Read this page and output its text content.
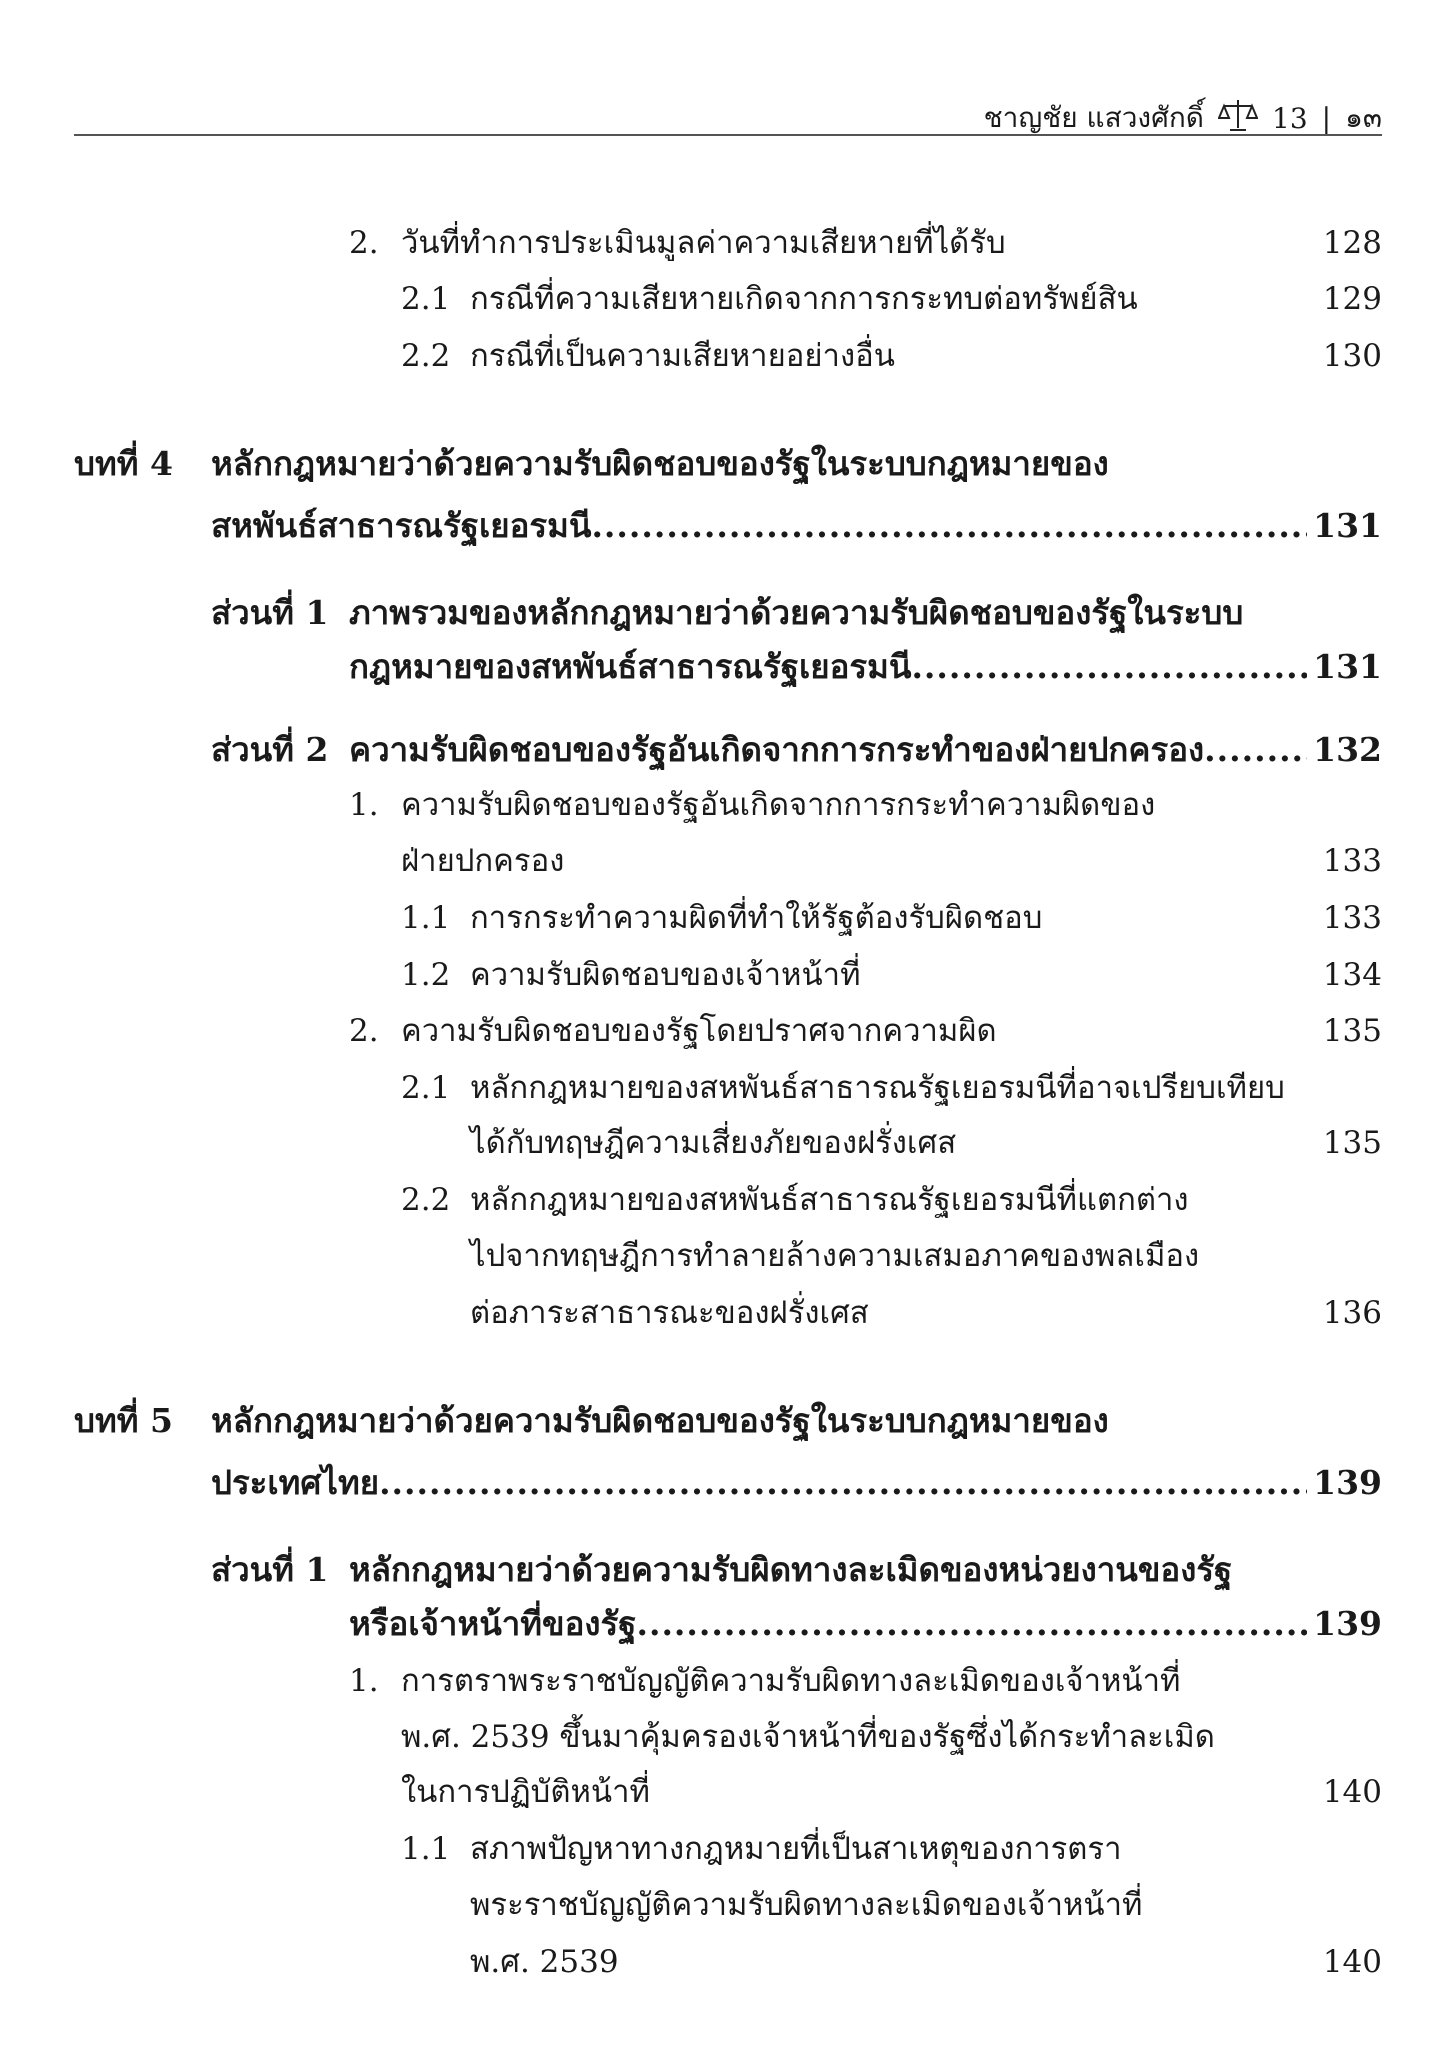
ชาญชัย แสวงศักดิ์ 13 | ๑๓
2. วันที่ทำการประเมินมูลค่าความเสียหายที่ได้รับ	128
2.1 กรณีที่ความเสียหายเกิดจากการกระทบต่อทรัพย์สิน	129
2.2 กรณีที่เป็นความเสียหายอย่างอื่น	130
บทที่ 4 หลักกฎหมายว่าด้วยความรับผิดชอบของรัฐในระบบกฎหมายของ
สหพันธ์สาธารณรัฐเยอรมนี .....	131
ส่วนที่ 1 ภาพรวมของหลักกฎหมายว่าด้วยความรับผิดชอบของรัฐในระบบ
กฎหมายของสหพันธ์สาธารณรัฐเยอรมนี .....	131
ส่วนที่ 2 ความรับผิดชอบของรัฐอันเกิดจากการกระทำของฝ่ายปกครอง .....	132
1. ความรับผิดชอบของรัฐอันเกิดจากการกระทำความผิดของ
ฝ่ายปกครอง	133
1.1 การกระทำความผิดที่ทำให้รัฐต้องรับผิดชอบ	133
1.2 ความรับผิดชอบของเจ้าหน้าที่	134
2. ความรับผิดชอบของรัฐโดยปราศจากความผิด	135
2.1 หลักกฎหมายของสหพันธ์สาธารณรัฐเยอรมนีที่อาจเปรียบเทียบ
ได้กับทฤษฎีความเสี่ยงภัยของฝรั่งเศส	135
2.2 หลักกฎหมายของสหพันธ์สาธารณรัฐเยอรมนีที่แตกต่าง
ไปจากทฤษฎีการทำลายล้างความเสมอภาคของพลเมือง
ต่อภาระสาธารณะของฝรั่งเศส	136
บทที่ 5 หลักกฎหมายว่าด้วยความรับผิดชอบของรัฐในระบบกฎหมายของ
ประเทศไทย .....	139
ส่วนที่ 1 หลักกฎหมายว่าด้วยความรับผิดทางละเมิดของหน่วยงานของรัฐ
หรือเจ้าหน้าที่ของรัฐ .....	139
1. การตราพระราชบัญญัติความรับผิดทางละเมิดของเจ้าหน้าที่
พ.ศ. 2539 ขึ้นมาคุ้มครองเจ้าหน้าที่ของรัฐซึ่งได้กระทำละเมิด
ในการปฏิบัติหน้าที่	140
1.1 สภาพปัญหาทางกฎหมายที่เป็นสาเหตุของการตรา
พระราชบัญญัติความรับผิดทางละเมิดของเจ้าหน้าที่
พ.ศ. 2539	140
